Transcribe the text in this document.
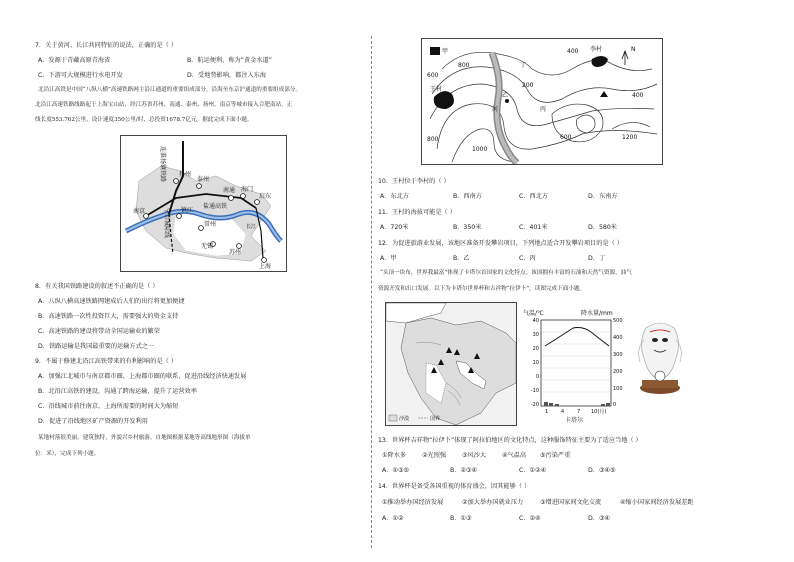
7．关于黄河、长江共同特征的说法，正确的是（ ）
A．发源于青藏高原青海省	B．航运便利，称为“黄金水道”
C．下游可大规模进行水电开发	D．受地势影响，都注入东海
北沿江高铁是中国“八纵八横”高速铁路网主沿江通道的重要组成部分，沿海至东京沪通道的重要组成部分。
北沿江高速铁路线路起于上海宝山站，经江苏省苏州、南通、泰州、扬州、南京等城市接入合肥南站，正
线长度553.762公里，设计速度350公里/时，总投资1678.7亿元。据此完成下面小题。
连淮扬镇铁路
宁启城际线
盐通高铁
长江
扬州
泰州
南通 海门
启东
南京	镇江
常州
无锡
苏州
上海
8．有关我国铁路建设的叙述不正确的是（ ）
A．八纵八横高速铁路网建成后人们的出行将更加便捷
B．高速铁路一次性投资巨大，需要强大的资金支持
C．高速铁路的建设将带动全国运输业的繁荣
D．铁路运输是我国最重要的运输方式之一
9．不属于修建北沿江高铁带来的有利影响的是（ ）
A．加强江北城市与南京都市圈、上海都市圈的联系，促进沿线经济快速发展
B．北沿江高铁的建设，沟通了跨海运输，提升了运营效率
C．沿线城市前往南京、上海所需要的时间大为缩短
D．促进了沿线地区矿产资源的开发利用
某地村落很美丽、建筑独特，外貌兴乡村旅游。自地图根据某地等高线地形图（海拔单
位：米），完成下列小题。
甲	李村
王村
乙
丙
丁
河
N
800
600
400
200
800
1000
1200
600
400
10．王村位于李村的（ ）
A．东北方	B．西南方	C．西北方	D．东南方
11．王村的海拔可能是（ ）
A．720米	B．350米	C．401米	D．580米
12．为促进旅游业发展，该地区准备开发攀岩项目，下列地点适合开发攀岩项目的是（ ）
A．甲	B．乙	C．丙	D．丁
“头顶一块布，世界我最富”体现了卡塔尔首国家的文化特点。该国拥有丰富的石油和天然气资源，油气
资源开发和出口发展。以下为卡塔尔世界杯和吉祥物“拉伊卜”，读图完成下面小题。
沙漠	国界
气温/℃	降水量/mm
40
30
20
10
0
-10
-20
500
400
300
200
100
0
1	4	7 10(月)
卡塔尔
13．世界杯吉祥物“拉伊卜”体现了阿拉伯地区的文化特点，这种服饰特征主要为了适应当地（ ）
①降水多	②光照强	③风沙大	④气温高 ⑤污染严重
A．①③⑤	B．②③④	C．①②④	D．③④⑤
14．世界杯是备受各国重视的体育盛会，因其能够（ ）
①推动举办国经济发展	②加大举办国就业压力	③增进国家间文化交流	④缩小国家间经济发展差距
A．①②	B．①③	C．②④	D．③④
